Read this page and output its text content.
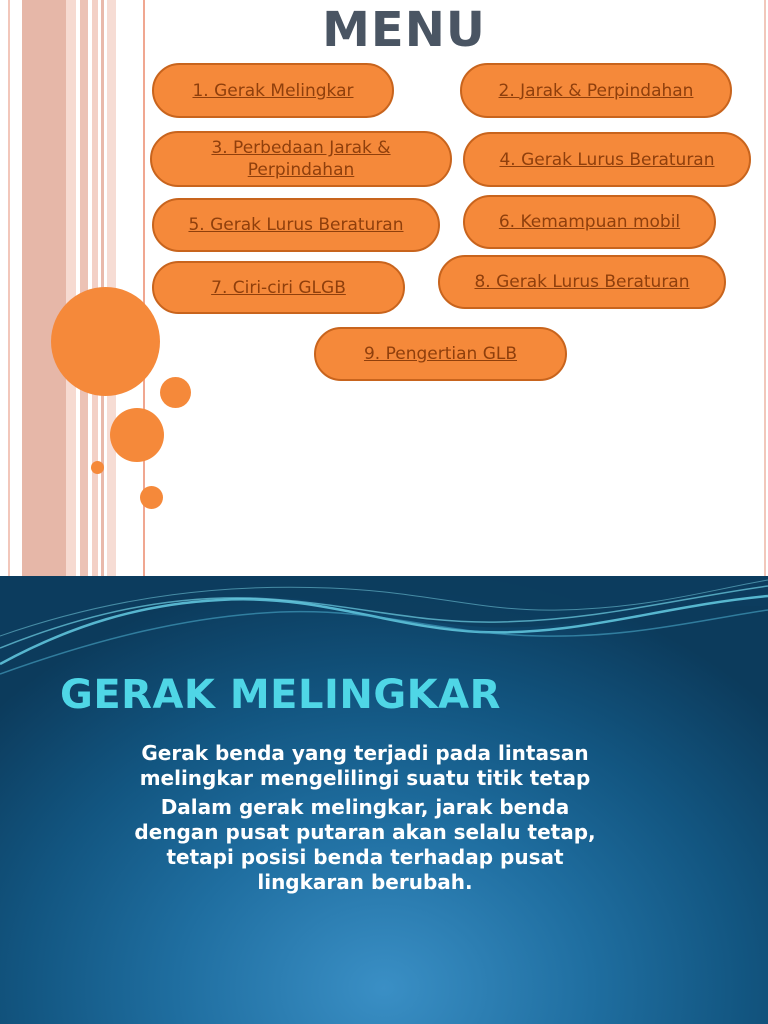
MENU
1. Gerak Melingkar	2. Jarak & Perpindahan
3. Perbedaan Jarak & Perpindahan
4. Gerak Lurus Beraturan
5. Gerak Lurus Beraturan	6. Kemampuan mobil
7. Ciri-ciri GLGB	8. Gerak Lurus Beraturan
9. Pengertian GLB
GERAK MELINGKAR

Gerak benda yang terjadi pada lintasan melingkar mengelilingi suatu titik tetap

Dalam gerak melingkar, jarak benda dengan pusat putaran akan selalu tetap, tetapi posisi benda terhadap pusat lingkaran berubah.
